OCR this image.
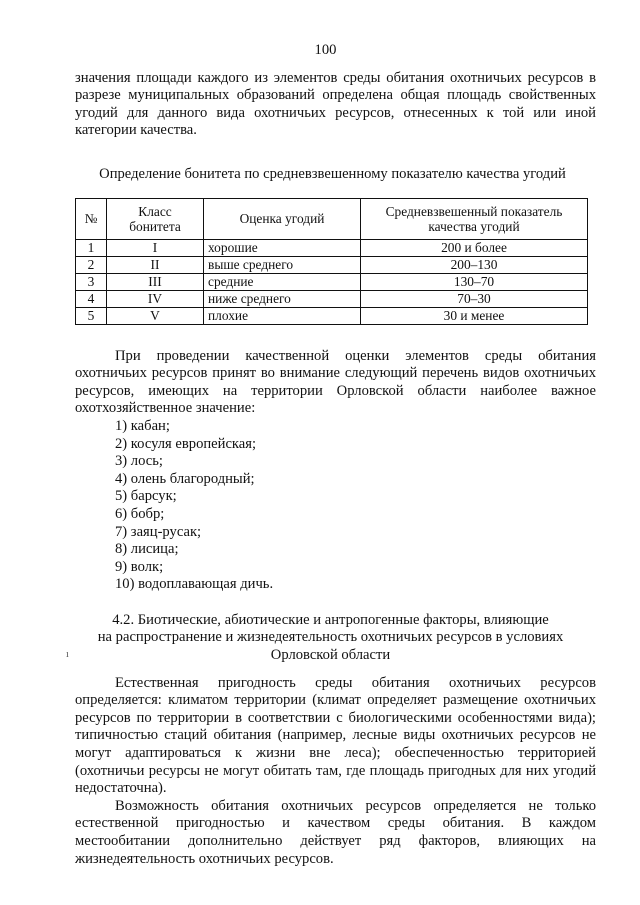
ı
100

значения площади каждого из элементов среды обитания охотничьих ресурсов в разрезе муниципальных образований определена общая площадь свойственных угодий для данного вида охотничьих ресурсов, отнесенных к той или иной категории качества.

Определение бонитета по средневзвешенному показателю качества угодий

№	Класс бонитета	Оценка угодий	Средневзвешенный показатель качества угодий
1	I	хорошие	200 и более
2	II	выше среднего	200–130
3	III	средние	130–70
4	IV	ниже среднего	70–30
5	V	плохие	30 и менее

При проведении качественной оценки элементов среды обитания охотничьих ресурсов принят во внимание следующий перечень видов охотничьих ресурсов, имеющих на территории Орловской области наиболее важное охотхозяйственное значение:

1) кабан;
2) косуля европейская;
3) лось;
4) олень благородный;
5) барсук;
6) бобр;
7) заяц-русак;
8) лисица;
9) волк;
10) водоплавающая дичь.
4.2. Биотические, абиотические и антропогенные факторы, влияющие
на распространение и жизнедеятельность охотничьих ресурсов в условиях
Орловской области

Естественная пригодность среды обитания охотничьих ресурсов определяется: климатом территории (климат определяет размещение охотничьих ресурсов по территории в соответствии с биологическими особенностями вида); типичностью стаций обитания (например, лесные виды охотничьих ресурсов не могут адаптироваться к жизни вне леса); обеспеченностью территорией (охотничьи ресурсы не могут обитать там, где площадь пригодных для них угодий недостаточна).

Возможность обитания охотничьих ресурсов определяется не только естественной пригодностью и качеством среды обитания. В каждом местообитании дополнительно действует ряд факторов, влияющих на жизнедеятельность охотничьих ресурсов.
